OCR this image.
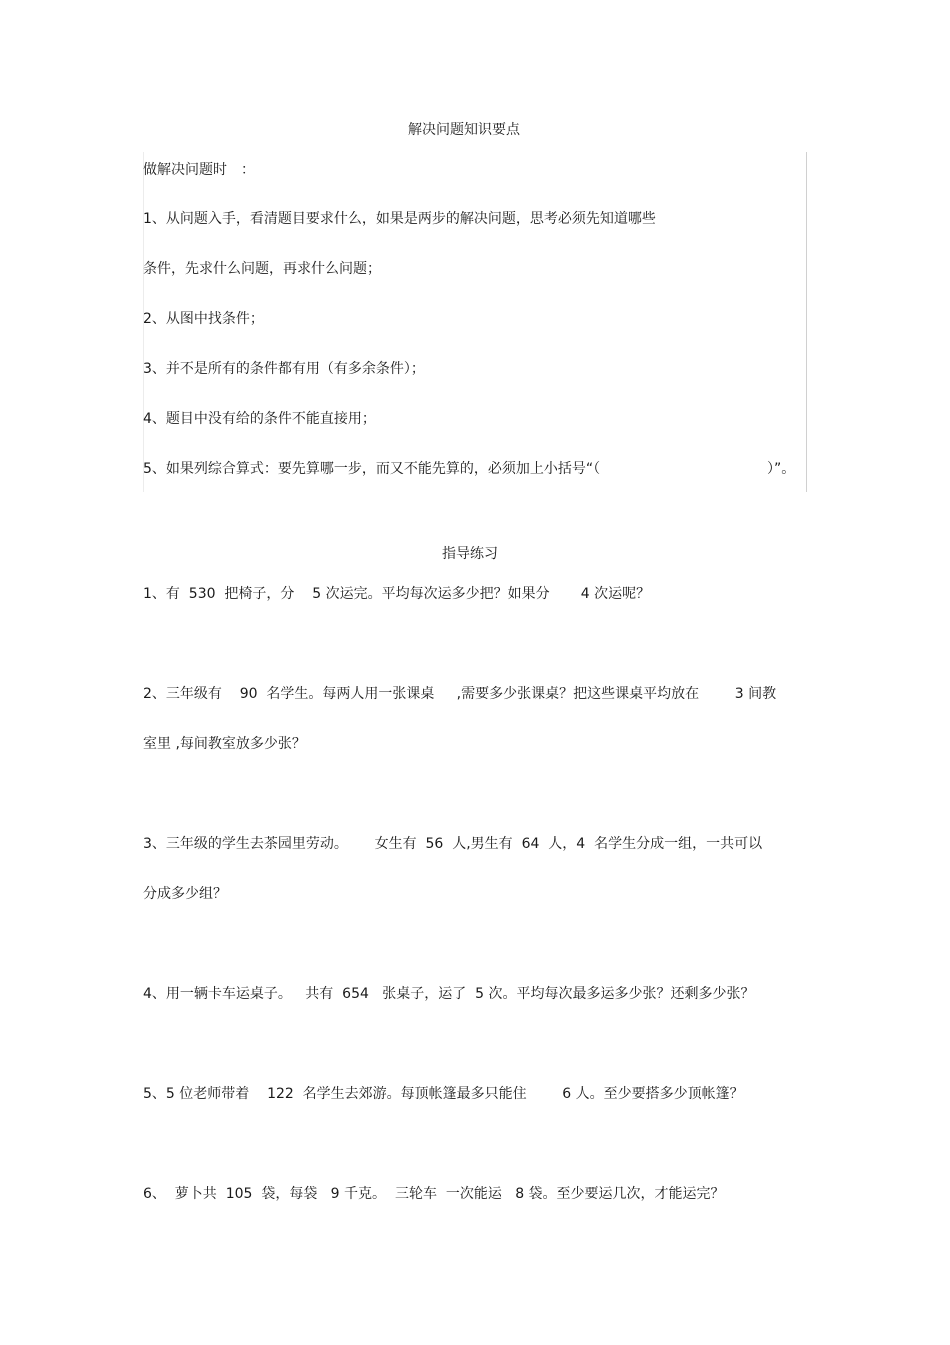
解决问题知识要点
做解决问题时　：
1、从问题入手，看清题目要求什么，如果是两步的解决问题，思考必须先知道哪些
条件，先求什么问题，再求什么问题；
2、从图中找条件；
3、并不是所有的条件都有用（有多余条件）；
4、题目中没有给的条件不能直接用；
5、如果列综合算式：要先算哪一步，而又不能先算的，必须加上小括号“（	）”。
指导练习
1、有  530  把椅子，分    5 次运完。平均每次运多少把？如果分       4 次运呢？
2、三年级有    90  名学生。每两人用一张课桌     ,需要多少张课桌？把这些课桌平均放在        3 间教
室里 ,每间教室放多少张？
3、三年级的学生去茶园里劳动。      女生有  56  人,男生有  64  人，4  名学生分成一组，一共可以
分成多少组？
4、用一辆卡车运桌子。   共有  654   张桌子，运了  5 次。平均每次最多运多少张？还剩多少张？
5、5 位老师带着    122  名学生去郊游。每顶帐篷最多只能住        6 人。至少要搭多少顶帐篷？
6、  萝卜共  105  袋，每袋   9 千克。  三轮车  一次能运   8 袋。至少要运几次，才能运完？
